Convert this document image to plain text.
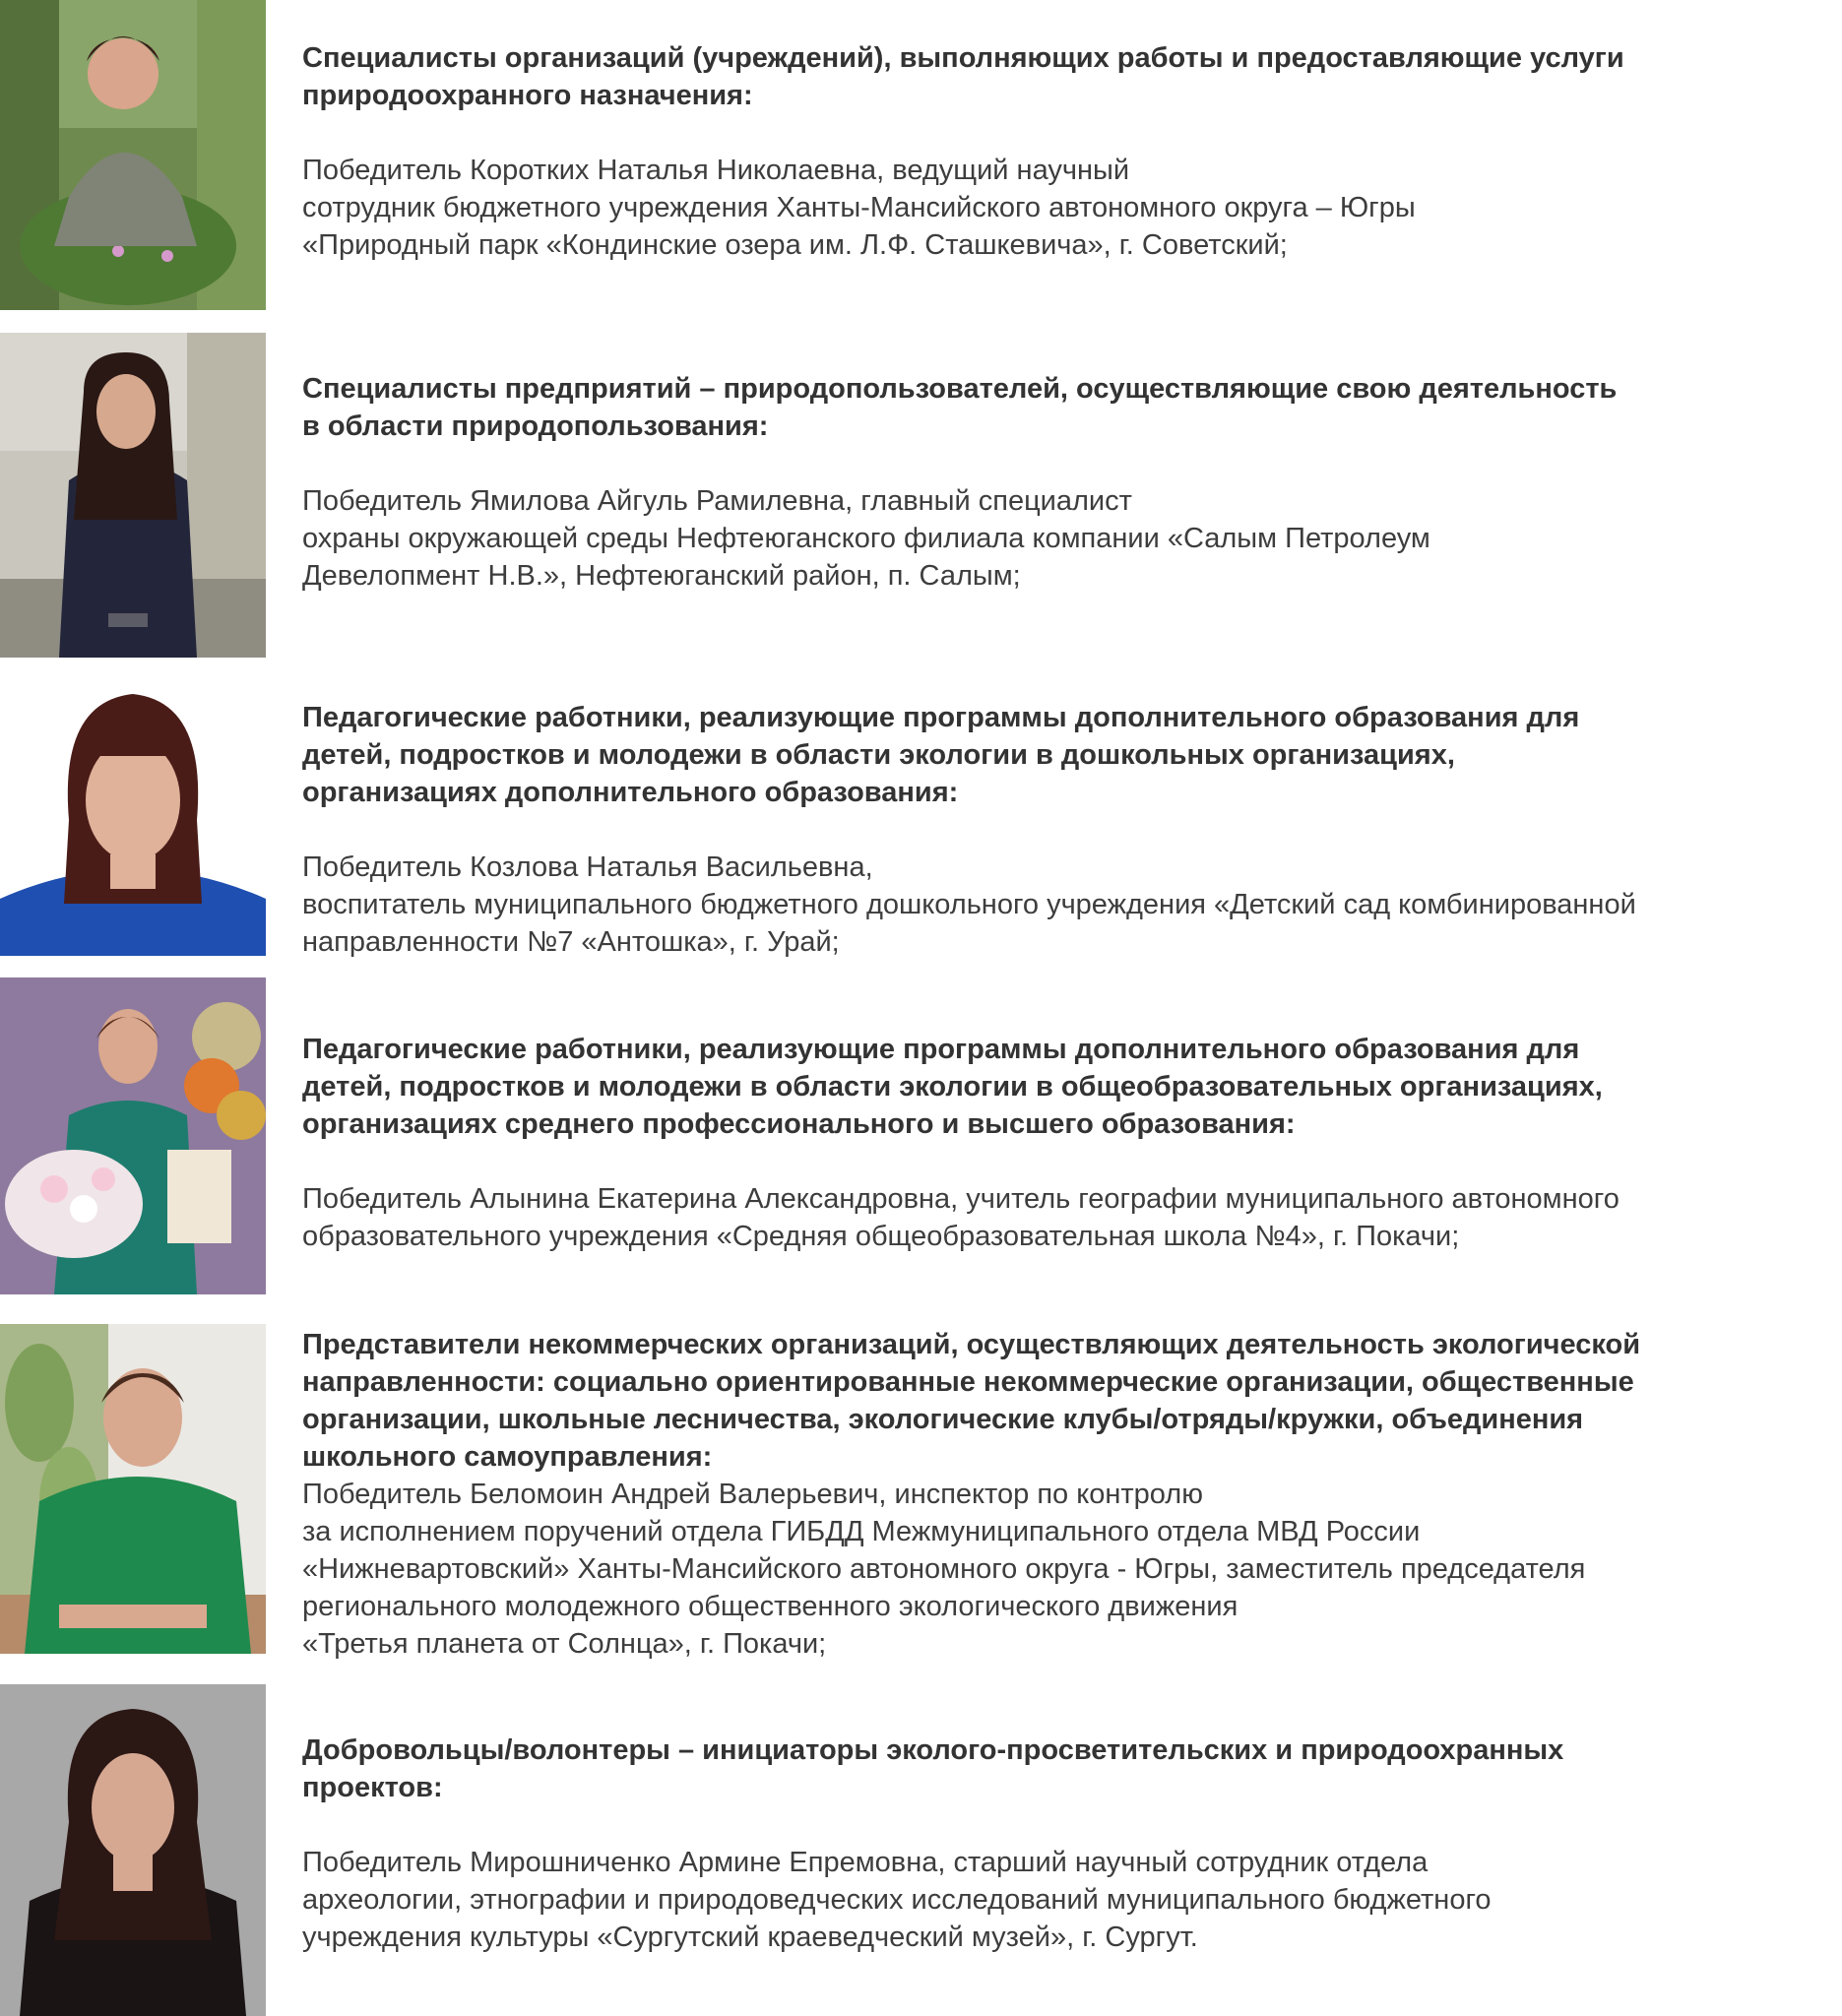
Специалисты организаций (учреждений), выполняющих работы и предоставляющие услуги
природоохранного назначения:

Победитель Коротких Наталья Николаевна, ведущий научный
сотрудник бюджетного учреждения Ханты-Мансийского автономного округа – Югры
«Природный парк «Кондинские озера им. Л.Ф. Сташкевича», г. Советский;

Специалисты предприятий – природопользователей, осуществляющие свою деятельность
в области природопользования:

Победитель Ямилова Айгуль Рамилевна, главный специалист
охраны окружающей среды Нефтеюганского филиала компании «Салым Петролеум
Девелопмент Н.В.», Нефтеюганский район, п. Салым;

Педагогические работники, реализующие программы дополнительного образования для
детей, подростков и молодежи в области экологии в дошкольных организациях,
организациях дополнительного образования:

Победитель Козлова Наталья Васильевна,
воспитатель муниципального бюджетного дошкольного учреждения «Детский сад комбинированной
направленности №7 «Антошка», г. Урай;

Педагогические работники, реализующие программы дополнительного образования для
детей, подростков и молодежи в области экологии в общеобразовательных организациях,
организациях среднего профессионального и высшего образования:

Победитель Алынина Екатерина Александровна, учитель географии муниципального автономного
образовательного учреждения «Средняя общеобразовательная школа №4», г. Покачи;

Представители некоммерческих организаций, осуществляющих деятельность экологической
направленности: социально ориентированные некоммерческие организации, общественные
организации, школьные лесничества, экологические клубы/отряды/кружки, объединения
школьного самоуправления:

Победитель Беломоин Андрей Валерьевич, инспектор по контролю
за исполнением поручений отдела ГИБДД Межмуниципального отдела МВД России
«Нижневартовский» Ханты-Мансийского автономного округа - Югры, заместитель председателя
регионального молодежного общественного экологического движения
«Третья планета от Солнца», г. Покачи;

Добровольцы/волонтеры – инициаторы эколого-просветительских и природоохранных
проектов:

Победитель Мирошниченко Армине Епремовна, старший научный сотрудник отдела
археологии, этнографии и природоведческих исследований муниципального бюджетного
учреждения культуры «Сургутский краеведческий музей», г. Сургут.
